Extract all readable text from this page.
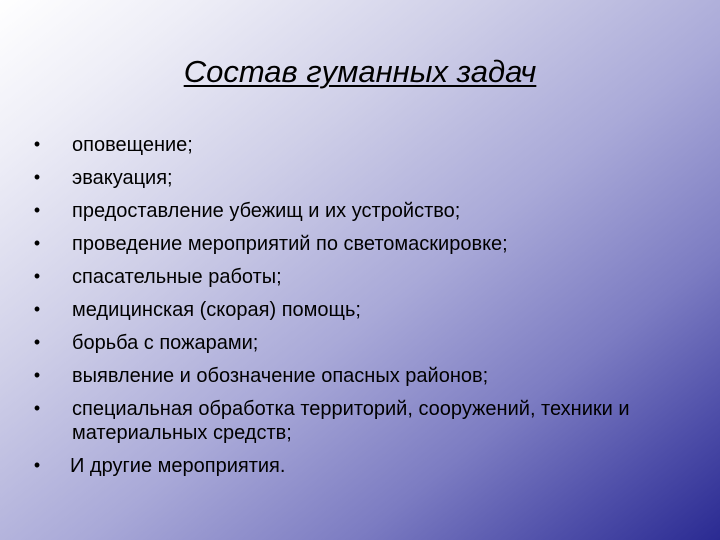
Состав гуманных задач
• оповещение;
• эвакуация;
• предоставление убежищ и их устройство;
• проведение мероприятий по светомаскировке;
• спасательные работы;
• медицинская (скорая) помощь;
• борьба с пожарами;
• выявление и обозначение опасных районов;
• специальная обработка территорий, сооружений, техники и материальных средств;
• И другие мероприятия.
